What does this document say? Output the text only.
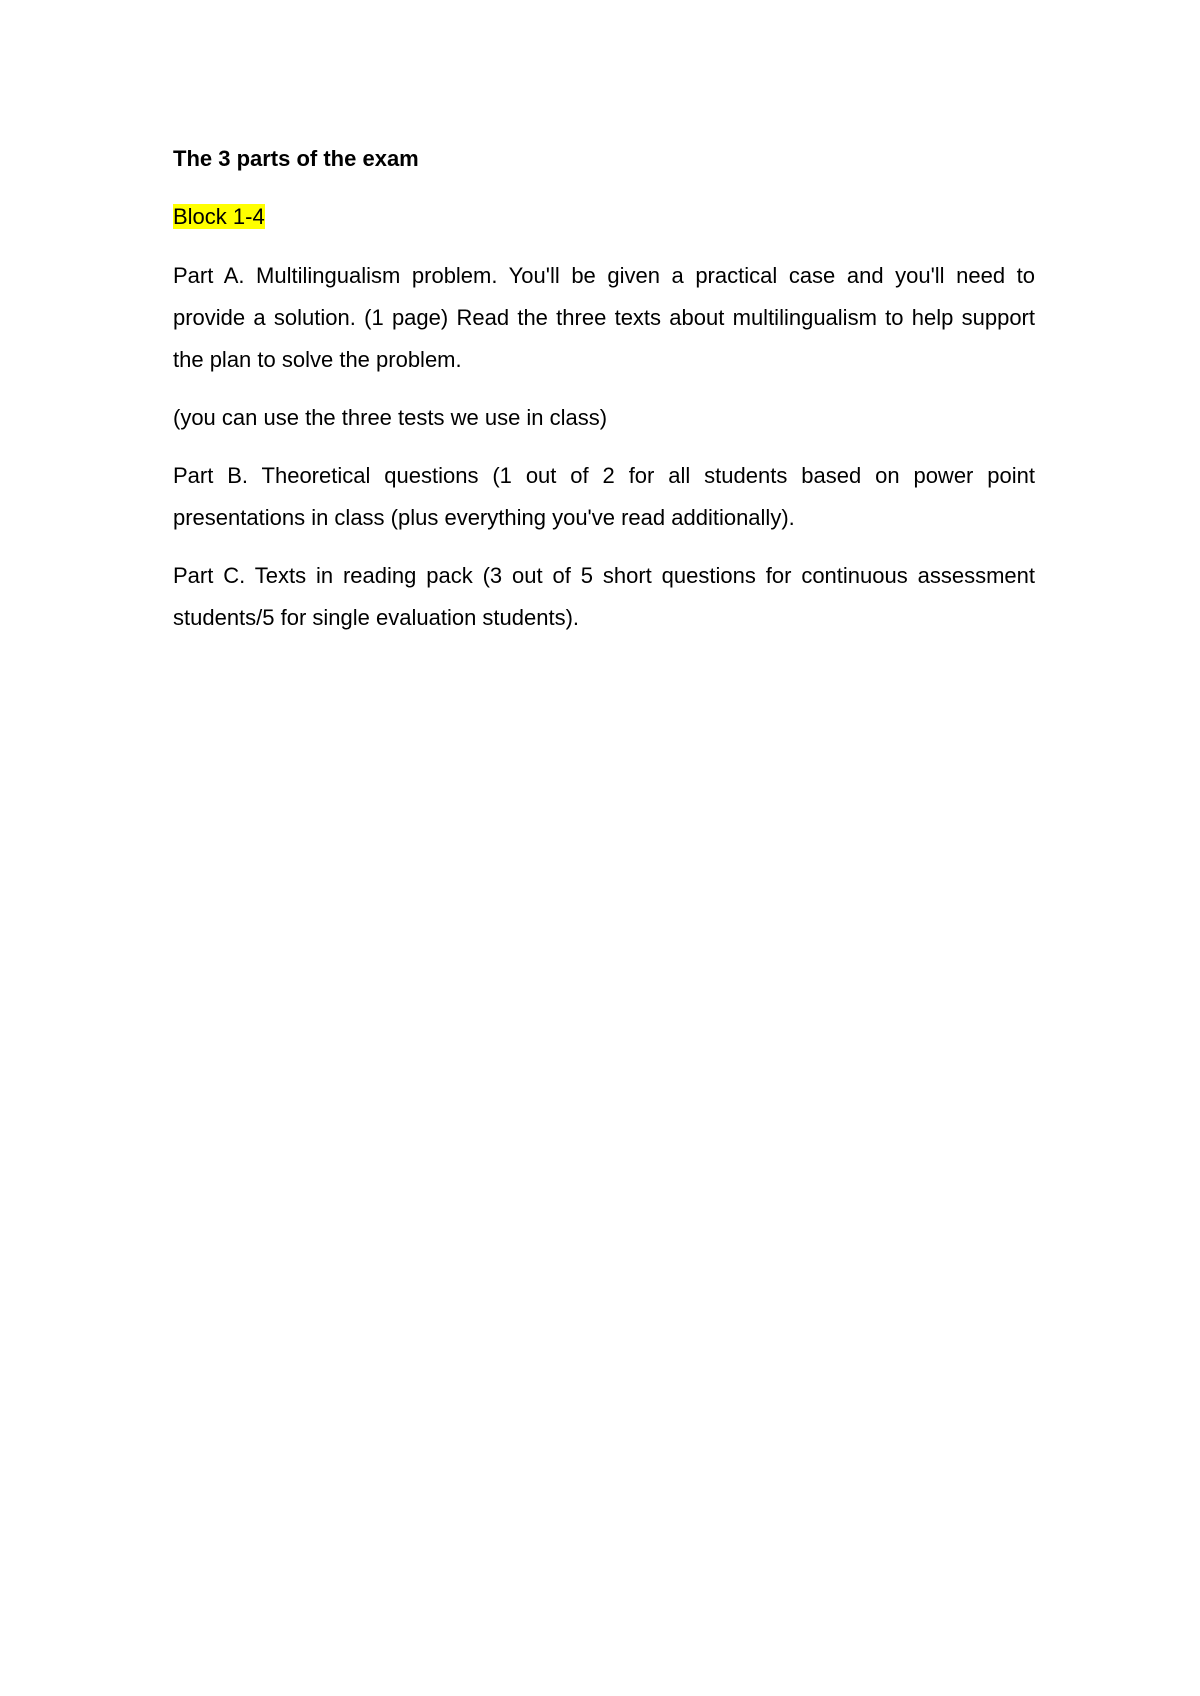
The 3 parts of the exam
Block 1-4

Part A. Multilingualism problem. You'll be given a practical case and you'll need to provide a solution. (1 page) Read the three texts about multilingualism to help support the plan to solve the problem.

(you can use the three tests we use in class)

Part B. Theoretical questions (1 out of 2 for all students based on power point presentations in class (plus everything you've read additionally).

Part C. Texts in reading pack (3 out of 5 short questions for continuous assessment students/5 for single evaluation students).
